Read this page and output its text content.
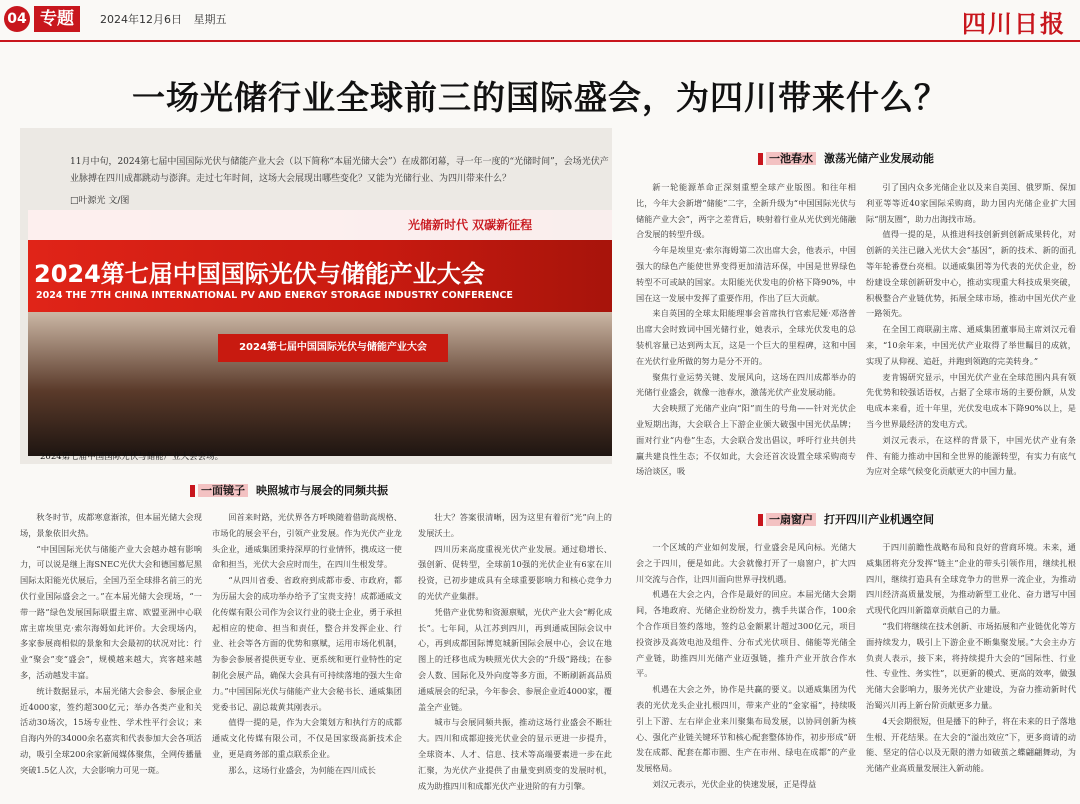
04 专题	2024年12月6日 星期五	四川日报
一场光储行业全球前三的国际盛会，为四川带来什么？
11月中旬，2024第七届中国国际光伏与储能产业大会（以下简称“本届光储大会”）在成都闭幕，寻一年一度的“光储时间”，会场光伏产业脉搏在四川成都跳动与澎湃。走过七年时间，这场大会展现出哪些变化？又能为光储行业、为四川带来什么？
□叶源光 文/图
光储新时代 双碳新征程
2024第七届中国国际光伏与储能产业大会
2024 THE 7TH CHINA INTERNATIONAL PV AND ENERGY STORAGE INDUSTRY CONFERENCE
2024第七届中国国际光伏与储能产业大会
2024第七届中国国际光伏与储能产业大会会场。
一面镜子 映照城市与展会的同频共振
一池春水 激荡光储产业发展动能
一扇窗户 打开四川产业机遇空间

秋冬时节，成都寒意渐浓，但本届光储大会现场，景象依旧火热。

“中国国际光伏与储能产业大会越办越有影响力，可以说是继上海SNEC光伏大会和德国慕尼黑国际太阳能光伏展后，全国乃至全球排名前三的光伏行业国际盛会之一。”在本届光储大会现场，“一带一路”绿色发展国际联盟主席、欧盟亚洲中心联席主席埃里克·索尔海姆如此评价。大会现场内，多家参展商相似的景象和大会最初的状况对比：行业“聚会”变“盛会”，规模越来越大，宾客越来越多，活动越发丰富。

统计数据显示，本届光储大会参会、参展企业近4000家，签约超300亿元；举办各类产业和关活动30场次，15场专业性、学术性平行会议；来自海内外的34000余名嘉宾和代表参加大会各项活动，吸引全球200余家新闻媒体聚焦，全网传播量突破1.5亿人次，大会影响力可见一斑。

回首来时路，光伏界各方呼唤随着借助高规格、市场化的展会平台，引领产业发展。作为光伏产业龙头企业，通威集团秉持深厚的行业情怀，携成这一使命和担当，光伏大会应时而生，在四川生根发芽。

“从四川省委、省政府到成都市委、市政府，都为历届大会的成功举办给予了宝贵支持！成都通威文化传媒有限公司作为会议行业的骁士企业，勇于承担起相应的使命、担当和责任，整合并发挥企业、行业、社会等各方面的优势和禀赋，运用市场化机制，为参会参展者提供更专业、更系统和更行业特性的定制化会展产品，确保大会具有可持续落地的强大生命力。”中国国际光伏与储能产业大会秘书长、通威集团党委书记、副总裁黄其刚表示。

值得一提的是，作为大会策划方和执行方的成都通威文化传媒有限公司，不仅是国家级高新技术企业，更是商务部的重点联系企业。

那么，这场行业盛会，为何能在四川成长

壮大？答案很清晰，因为这里有着衍“光”向上的发展沃土。

四川历来高度重视光伏产业发展。通过稳增长、强创新、促转型，全球前10强的光伏企业有6家在川投资，已初步建成具有全球重要影响力和核心竞争力的光伏产业集群。

凭借产业优势和资源禀赋，光伏产业大会“孵化成长”。七年间，从江苏到四川，再到通威国际会议中心，再到成都国际博览城新国际会展中心，会议在地图上的迁移也成为映照光伏大会的“升级”路线；在参会人数、国际化及外向度等多方面，不断刷新高品质通威展会的纪录，今年参会、参展企业近4000家，覆盖全产业链。

城市与会展同频共振，推动这场行业盛会不断壮大。四川和成都迎接光伏业会的显示更进一步提升，全球资本、人才、信息、技术等高端要素进一步在此汇聚，为光伏产业提供了由量变到质变的发展时机，成为助推四川和成都光伏产业进阶的有力引擎。

新一轮能源革命正深刻重塑全球产业版图。和往年相比，今年大会新增“储能”二字，全新升级为“中国国际光伏与储能产业大会”，两字之差背后，映射着行业从光伏到光储融合发展的转型升级。

今年是埃里克·索尔海姆第二次出席大会，他表示，中国强大的绿色产能使世界变得更加清洁环保，中国是世界绿色转型不可或缺的国家。太阳能光伏发电的价格下降90%，中国在这一发展中发挥了重要作用，作出了巨大贡献。

来自英国的全球太阳能理事会首席执行官索尼娅·邓洛普出席大会时致词中国光储行业，她表示，全球光伏发电的总装机容量已达到两太瓦，这是一个巨大的里程碑，这和中国在光伏行业所做的努力是分不开的。

聚焦行业运势关键、发展风向，这场在四川成都举办的光储行业盛会，就像一池春水，激荡光伏产业发展动能。

大会映照了光储产业向“阳”而生的号角——针对光伏企业短期出海，大会联合上下游企业颁大破强中国光伏品牌；面对行业“内卷”生态，大会联合发出倡议，呼吁行业共创共赢共建良性生态；不仅如此，大会还首次设置全球采购商专场洽谈区，吸

引了国内众多光储企业以及来自美国、俄罗斯、保加利亚等等近40家国际采购商，助力国内光储企业扩大国际“朋友圈”，助力出海找市场。

值得一提的是，从推进科技创新到创新成果转化，对创新的关注已融入光伏大会“基因”，新的技术、新的面孔等年轮番登台亮相。以通威集团等为代表的光伏企业，纷纷建设全球创新研发中心，推动实现重大科技成果突破，积极整合产业链优势，拓展全球市场，推动中国光伏产业一路领先。

在全国工商联副主席、通威集团董事局主席刘汉元看来，“10余年来，中国光伏产业取得了举世瞩目的成就，实现了从仰视、追赶，并跑到领跑的完美转身。”

麦肯锡研究显示，中国光伏产业在全球范围内具有领先优势和较强话语权，占据了全球市场的主要份额，从发电成本来看，近十年里，光伏发电成本下降90%以上，是当今世界最经济的发电方式。

刘汉元表示，在这样的背景下，中国光伏产业有条件、有能力推动中国和全世界的能源转型，有实力有底气为应对全球气候变化贡献更大的中国力量。

一个区域的产业如何发展，行业盛会是风向标。光储大会之于四川，便是如此。大会就像打开了一扇窗户，扩大四川交流与合作，让四川面向世界寻找机遇。

机遇在大会之内，合作是最好的回应。本届光储大会期间，各地政府、光储企业纷纷发力，携手共谋合作，100余个合作项目签约落地，签约总金额累计超过300亿元，项目投资涉及高效电池及组件、分布式光伏项目、储能等光储全产业链，助推四川光储产业迈强链，推升产业开放合作水平。

机遇在大会之外，协作是共赢的要义。以通威集团为代表的光伏龙头企业扎根四川，带来产业的“金家福”，持续吸引上下游、左右岸企业来川聚集布局发展，以协同创新为核心、强化产业链关键环节和核心配套整体协作，初步形成“研发在成都、配套在都市圈、生产在市州、绿电在成都”的产业发展格局。

刘汉元表示，光伏企业的快速发展，正是得益

于四川前瞻性战略布局和良好的营商环境。未来，通威集团将充分发挥“链主”企业的带头引领作用，继续扎根四川，继续打造具有全球竞争力的世界一流企业，为推动四川经济高质量发展，为推动新型工业化、奋力谱写中国式现代化四川新篇章贡献自己的力量。

“我们将继续在技术创新、市场拓展和产业链优化等方面持续发力，吸引上下游企业不断集聚发展。”大会主办方负责人表示，接下来，将持续提升大会的“国际性、行业性、专业性、务实性”，以更新的模式、更高的效率，做强光储大会影响力，服务光伏产业建设，为奋力推动新时代治蜀兴川再上新台阶贡献更多力量。

4天会期很短，但是播下的种子，将在未来的日子落地生根、开花结果。在大会的“溢出效应”下，更多商请的动能、坚定的信心以及无限的潜力如破茧之蝶翩翩舞动，为光储产业高质量发展注入新动能。
